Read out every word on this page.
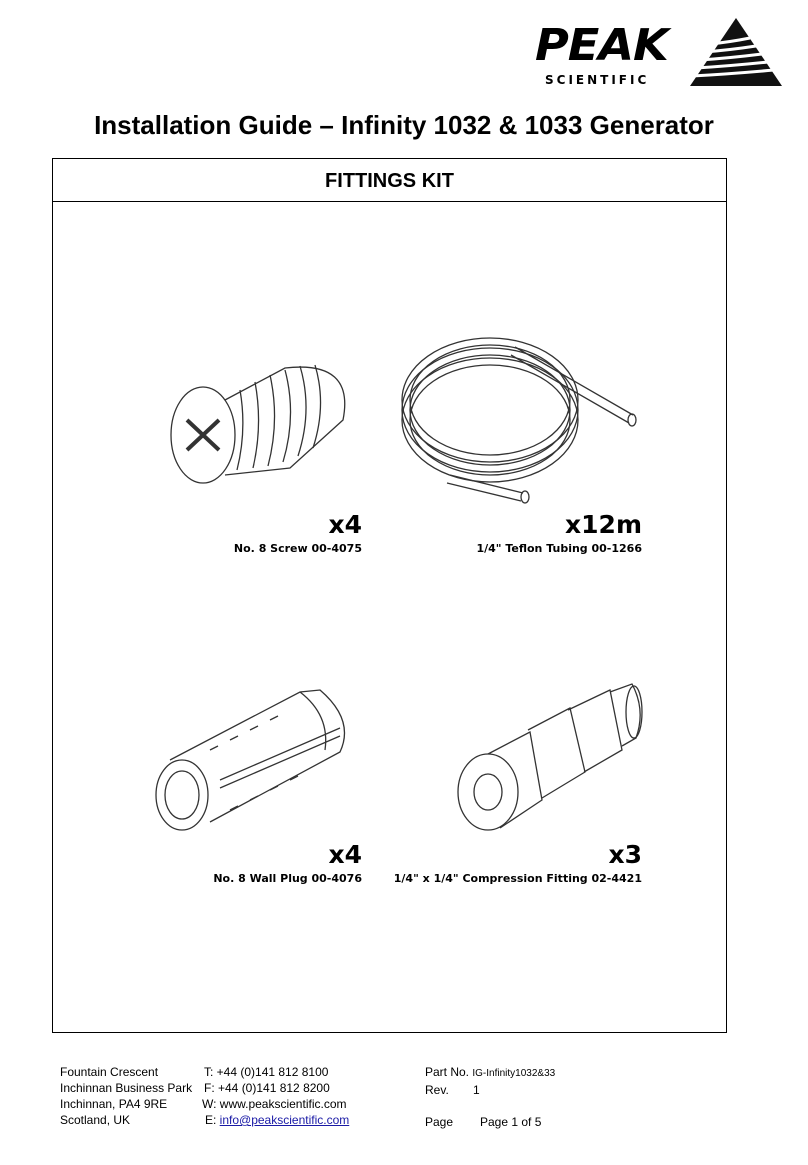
PEAK
SCIENTIFIC
Installation Guide – Infinity 1032 & 1033 Generator
FITTINGS KIT
x4
No. 8 Screw 00-4075
x12m
1/4" Teflon Tubing 00-1266
x4
No. 8 Wall Plug 00-4076
x3
1/4" x 1/4" Compression Fitting 02-4421
Fountain Crescent
Inchinnan Business Park
Inchinnan, PA4 9RE
Scotland, UK
T: +44 (0)141 812 8100
F: +44 (0)141 812 8200
W: www.peakscientific.com
E: info@peakscientific.com
Part No. IG-Infinity1032&33
Rev. 1

Page Page 1 of 5
